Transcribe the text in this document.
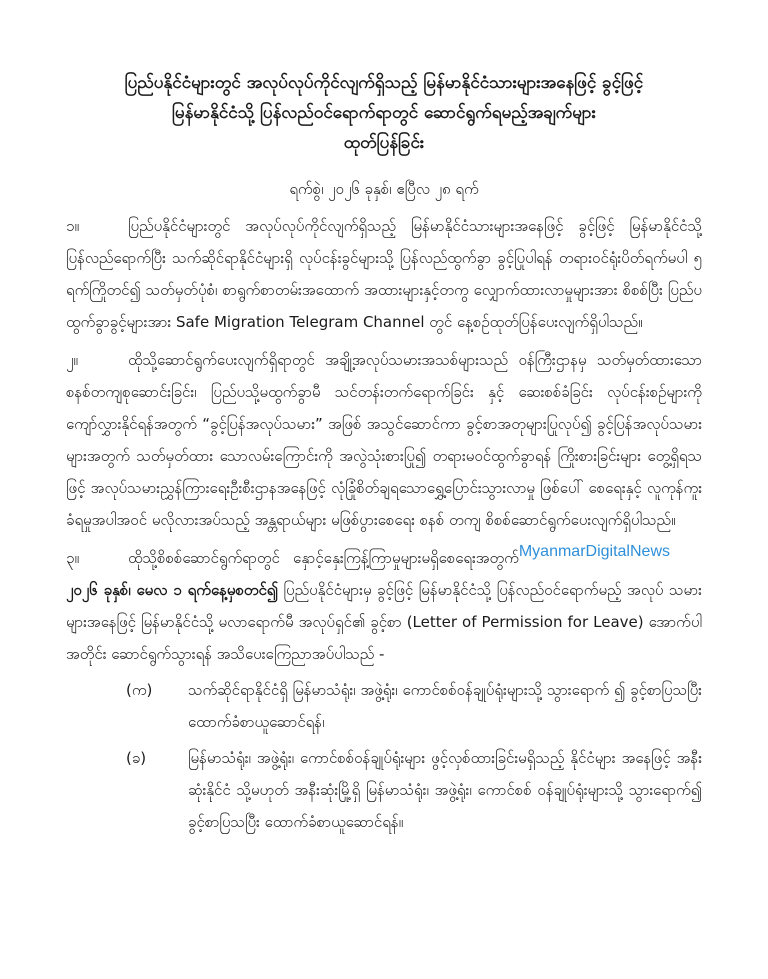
ပြည်ပနိုင်ငံများတွင် အလုပ်လုပ်ကိုင်လျက်ရှိသည့် မြန်မာနိုင်ငံသားများအနေဖြင့် ခွင့်ဖြင့်
မြန်မာနိုင်ငံသို့ ပြန်လည်ဝင်ရောက်ရာတွင် ဆောင်ရွက်ရမည့်အချက်များ
ထုတ်ပြန်ခြင်း
ရက်စွဲ၊ ၂၀၂၆ ခုနှစ်၊ ဧပြီလ ၂၈ ရက်
၁။	ပြည်ပနိုင်ငံများတွင် အလုပ်လုပ်ကိုင်လျက်ရှိသည့် မြန်မာနိုင်ငံသားများအနေဖြင့် ခွင့်ဖြင့် မြန်မာနိုင်ငံသို့ ပြန်လည်ရောက်ပြီး သက်ဆိုင်ရာနိုင်ငံများရှိ လုပ်ငန်းခွင်များသို့ ပြန်လည်ထွက်ခွာ ခွင့်ပြုပါရန် တရားဝင်ရုံးပိတ်ရက်မပါ ၅ ရက်ကြိုတင်၍ သတ်မှတ်ပုံစံ၊ စာရွက်စာတမ်းအထောက် အထားများနှင့်တကွ လျှောက်ထားလာမှုများအား စိစစ်ပြီး ပြည်ပထွက်ခွာခွင့်များအား Safe Migration Telegram Channel တွင် နေ့စဉ်ထုတ်ပြန်ပေးလျက်ရှိပါသည်။
၂။	ထိုသို့ဆောင်ရွက်ပေးလျက်ရှိရာတွင် အချို့အလုပ်သမားအသစ်များသည် ဝန်ကြီးဌာနမှ သတ်မှတ်ထားသော စနစ်တကျစုဆောင်းခြင်း၊ ပြည်ပသို့မထွက်ခွာမီ သင်တန်းတက်ရောက်ခြင်း နှင့် ဆေးစစ်ခံခြင်း လုပ်ငန်းစဉ်များကို ကျော်လွှားနိုင်ရန်အတွက် “ခွင့်ပြန်အလုပ်သမား” အဖြစ် အသွင်ဆောင်ကာ ခွင့်စာအတုများပြုလုပ်၍ ခွင့်ပြန်အလုပ်သမားများအတွက် သတ်မှတ်ထား သောလမ်းကြောင်းကို အလွဲသုံးစားပြု၍ တရားမဝင်ထွက်ခွာရန် ကြိုးစားခြင်းများ တွေ့ရှိရသဖြင့် အလုပ်သမားညွှန်ကြားရေးဦးစီးဌာနအနေဖြင့် လုံခြုံစိတ်ချရသောရွှေ့ပြောင်းသွားလာမှု ဖြစ်ပေါ် စေရေးနှင့် လူကုန်ကူးခံရမှုအပါအဝင် မလိုလားအပ်သည့် အန္တရာယ်များ မဖြစ်ပွားစေရေး စနစ် တကျ စိစစ်ဆောင်ရွက်ပေးလျက်ရှိပါသည်။
MyanmarDigitalNews
၃။	ထိုသို့စိစစ်ဆောင်ရွက်ရာတွင် နှောင့်နှေးကြန့်ကြာမှုများမရှိစေရေးအတွက် ၂၀၂၆ ခုနှစ်၊ မေလ ၁ ရက်နေ့မှစတင်၍ ပြည်ပနိုင်ငံများမှ ခွင့်ဖြင့် မြန်မာနိုင်ငံသို့ ပြန်လည်ဝင်ရောက်မည့် အလုပ် သမားများအနေဖြင့် မြန်မာနိုင်ငံသို့ မလာရောက်မီ အလုပ်ရှင်၏ ခွင့်စာ (Letter of Permission for Leave) အောက်ပါအတိုင်း ဆောင်ရွက်သွားရန် အသိပေးကြေညာအပ်ပါသည် -
(က)	သက်ဆိုင်ရာနိုင်ငံရှိ မြန်မာသံရုံး၊ အဖွဲ့ရုံး၊ ကောင်စစ်ဝန်ချုပ်ရုံးများသို့ သွားရောက် ၍ ခွင့်စာပြသပြီး ထောက်ခံစာယူဆောင်ရန်၊
(ခ)	မြန်မာသံရုံး၊ အဖွဲ့ရုံး၊ ကောင်စစ်ဝန်ချုပ်ရုံးများ ဖွင့်လှစ်ထားခြင်းမရှိသည့် နိုင်ငံများ အနေဖြင့် အနီးဆုံးနိုင်ငံ သို့မဟုတ် အနီးဆုံးမြို့ရှိ မြန်မာသံရုံး၊ အဖွဲ့ရုံး၊ ကောင်စစ် ဝန်ချုပ်ရုံးများသို့ သွားရောက်၍ ခွင့်စာပြသပြီး ထောက်ခံစာယူဆောင်ရန်။
